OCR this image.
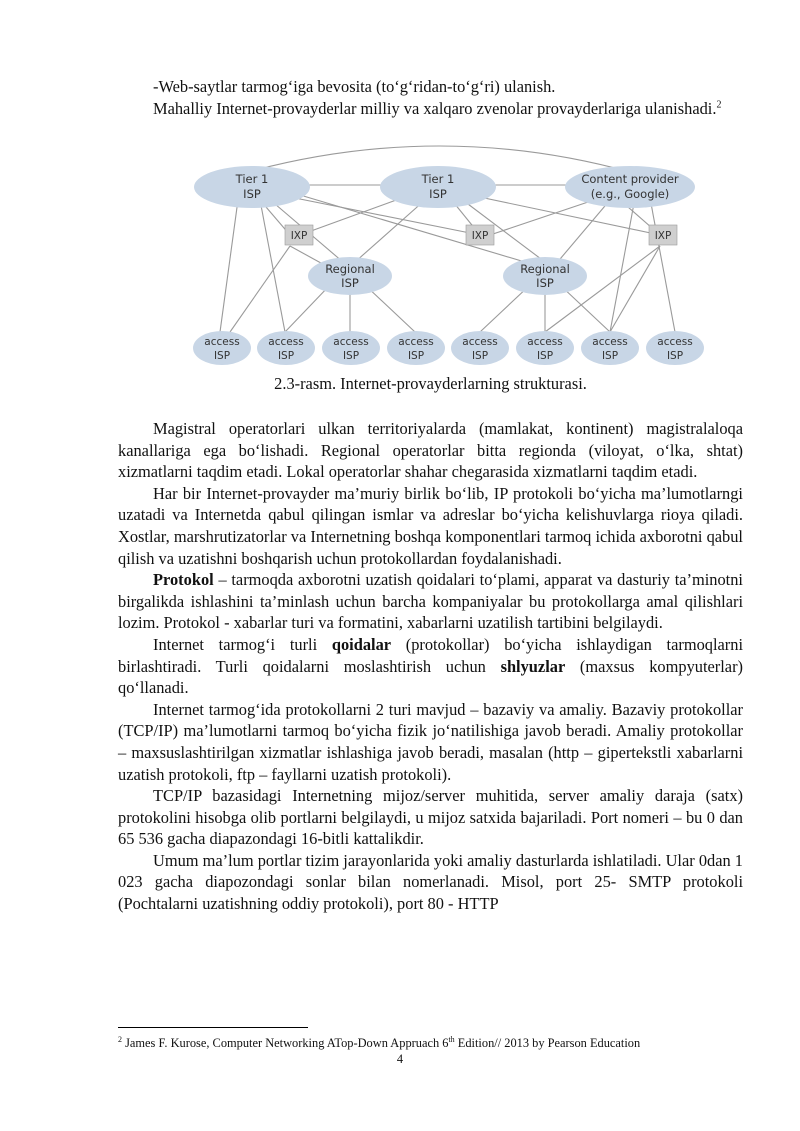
-Web-saytlar tarmog‘iga bevosita (to‘g‘ridan-to‘g‘ri) ulanish.

Mahalliy Internet-provayderlar milliy va xalqaro zvenolar provayderlariga ulanishadi.$^2$

Tier 1
ISP
Tier 1
ISP
Content provider
(e.g., Google)
IXP	IXP	IXP
Regional
ISP
Regional
ISP
access
ISP
access
ISP
access
ISP
access
ISP
access
ISP
access
ISP
access
ISP
access
ISP
2.3-rasm. Internet-provayderlarning strukturasi.

Magistral operatorlari ulkan territoriyalarda (mamlakat, kontinent) magistralaloqa kanallariga ega bo‘lishadi. Regional operatorlar bitta regionda (viloyat, o‘lka, shtat) xizmatlarni taqdim etadi. Lokal operatorlar shahar chegarasida xizmatlarni taqdim etadi.

Har bir Internet-provayder ma’muriy birlik bo‘lib, IP protokoli bo‘yicha ma’lumotlarngi uzatadi va Internetda qabul qilingan ismlar va adreslar bo‘yicha kelishuvlarga rioya qiladi. Xostlar, marshrutizatorlar va Internetning boshqa komponentlari tarmoq ichida axborotni qabul qilish va uzatishni boshqarish uchun protokollardan foydalanishadi.

Protokol – tarmoqda axborotni uzatish qoidalari to‘plami, apparat va dasturiy ta’minotni birgalikda ishlashini ta’minlash uchun barcha kompaniyalar bu protokollarga amal qilishlari lozim. Protokol - xabarlar turi va formatini, xabarlarni uzatilish tartibini belgilaydi.

Internet tarmog‘i turli qoidalar (protokollar) bo‘yicha ishlaydigan tarmoqlarni birlashtiradi. Turli qoidalarni moslashtirish uchun shlyuzlar (maxsus kompyuterlar) qo‘llanadi.

Internet tarmog‘ida protokollarni 2 turi mavjud – bazaviy va amaliy. Bazaviy protokollar (TCP/IP) ma’lumotlarni tarmoq bo‘yicha fizik jo‘natilishiga javob beradi. Amaliy protokollar – maxsuslashtirilgan xizmatlar ishlashiga javob beradi, masalan (http – gipertekstli xabarlarni uzatish protokoli, ftp – fayllarni uzatish protokoli).

TCP/IP bazasidagi Internetning mijoz/server muhitida, server amaliy daraja (satx) protokolini hisobga olib portlarni belgilaydi, u mijoz satxida bajariladi. Port nomeri – bu 0 dan 65 536 gacha diapazondagi 16-bitli kattalikdir.

Umum ma’lum portlar tizim jarayonlarida yoki amaliy dasturlarda ishlatiladi. Ular 0dan 1 023 gacha diapozondagi sonlar bilan nomerlanadi. Misol, port 25- SMTP protokoli (Pochtalarni uzatishning oddiy protokoli), port 80 - HTTP

$^2$ James F. Kurose, Computer Networking ATop-Down Appruach 6th Edition// 2013 by Pearson Education
4
